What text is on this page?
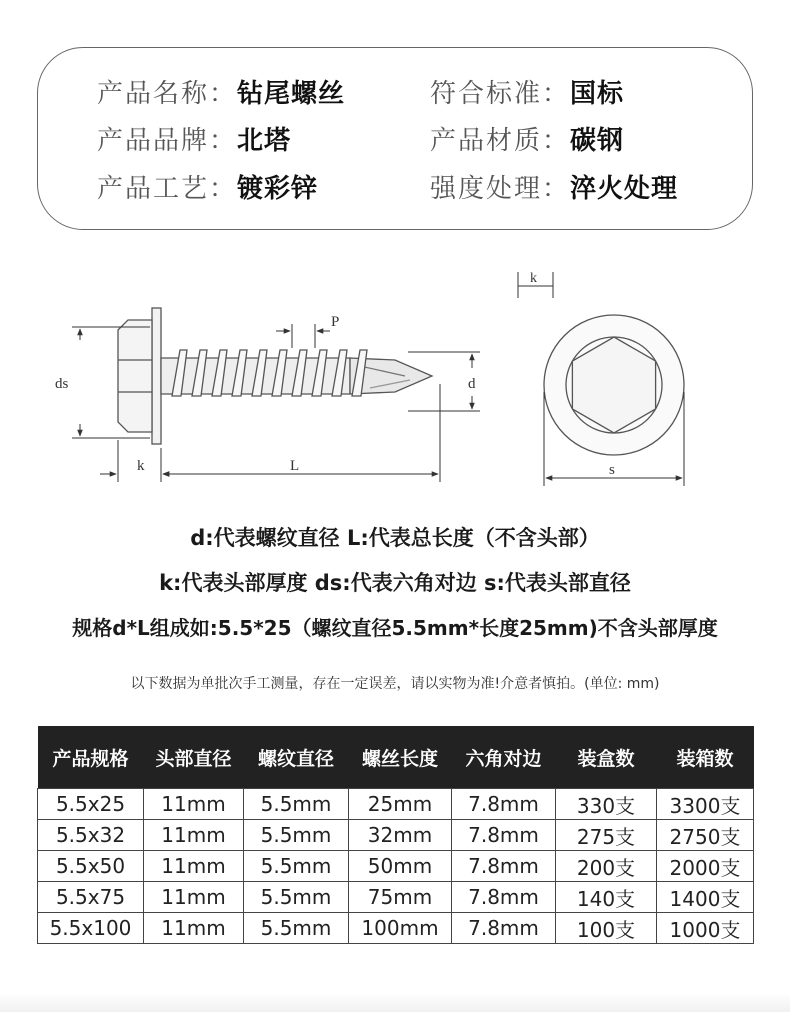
产品名称：钻尾螺丝	符合标准：国标
产品品牌：北塔	产品材质：碳钢
产品工艺：镀彩锌	强度处理：淬火处理
k	L
ds
P
d
k
s
d:代表螺纹直径 L:代表总长度（不含头部）
k:代表头部厚度 ds:代表六角对边 s:代表头部直径
规格d*L组成如:5.5*25（螺纹直径5.5mm*长度25mm)不含头部厚度
以下数据为单批次手工测量，存在一定误差，请以实物为准!介意者慎拍。(单位: mm)
产品规格	头部直径	螺纹直径	螺丝长度	六角对边	装盒数	装箱数
5.5x25	11mm	5.5mm	25mm	7.8mm	330支	3300支
5.5x32	11mm	5.5mm	32mm	7.8mm	275支	2750支
5.5x50	11mm	5.5mm	50mm	7.8mm	200支	2000支
5.5x75	11mm	5.5mm	75mm	7.8mm	140支	1400支
5.5x100	11mm	5.5mm	100mm	7.8mm	100支	1000支
